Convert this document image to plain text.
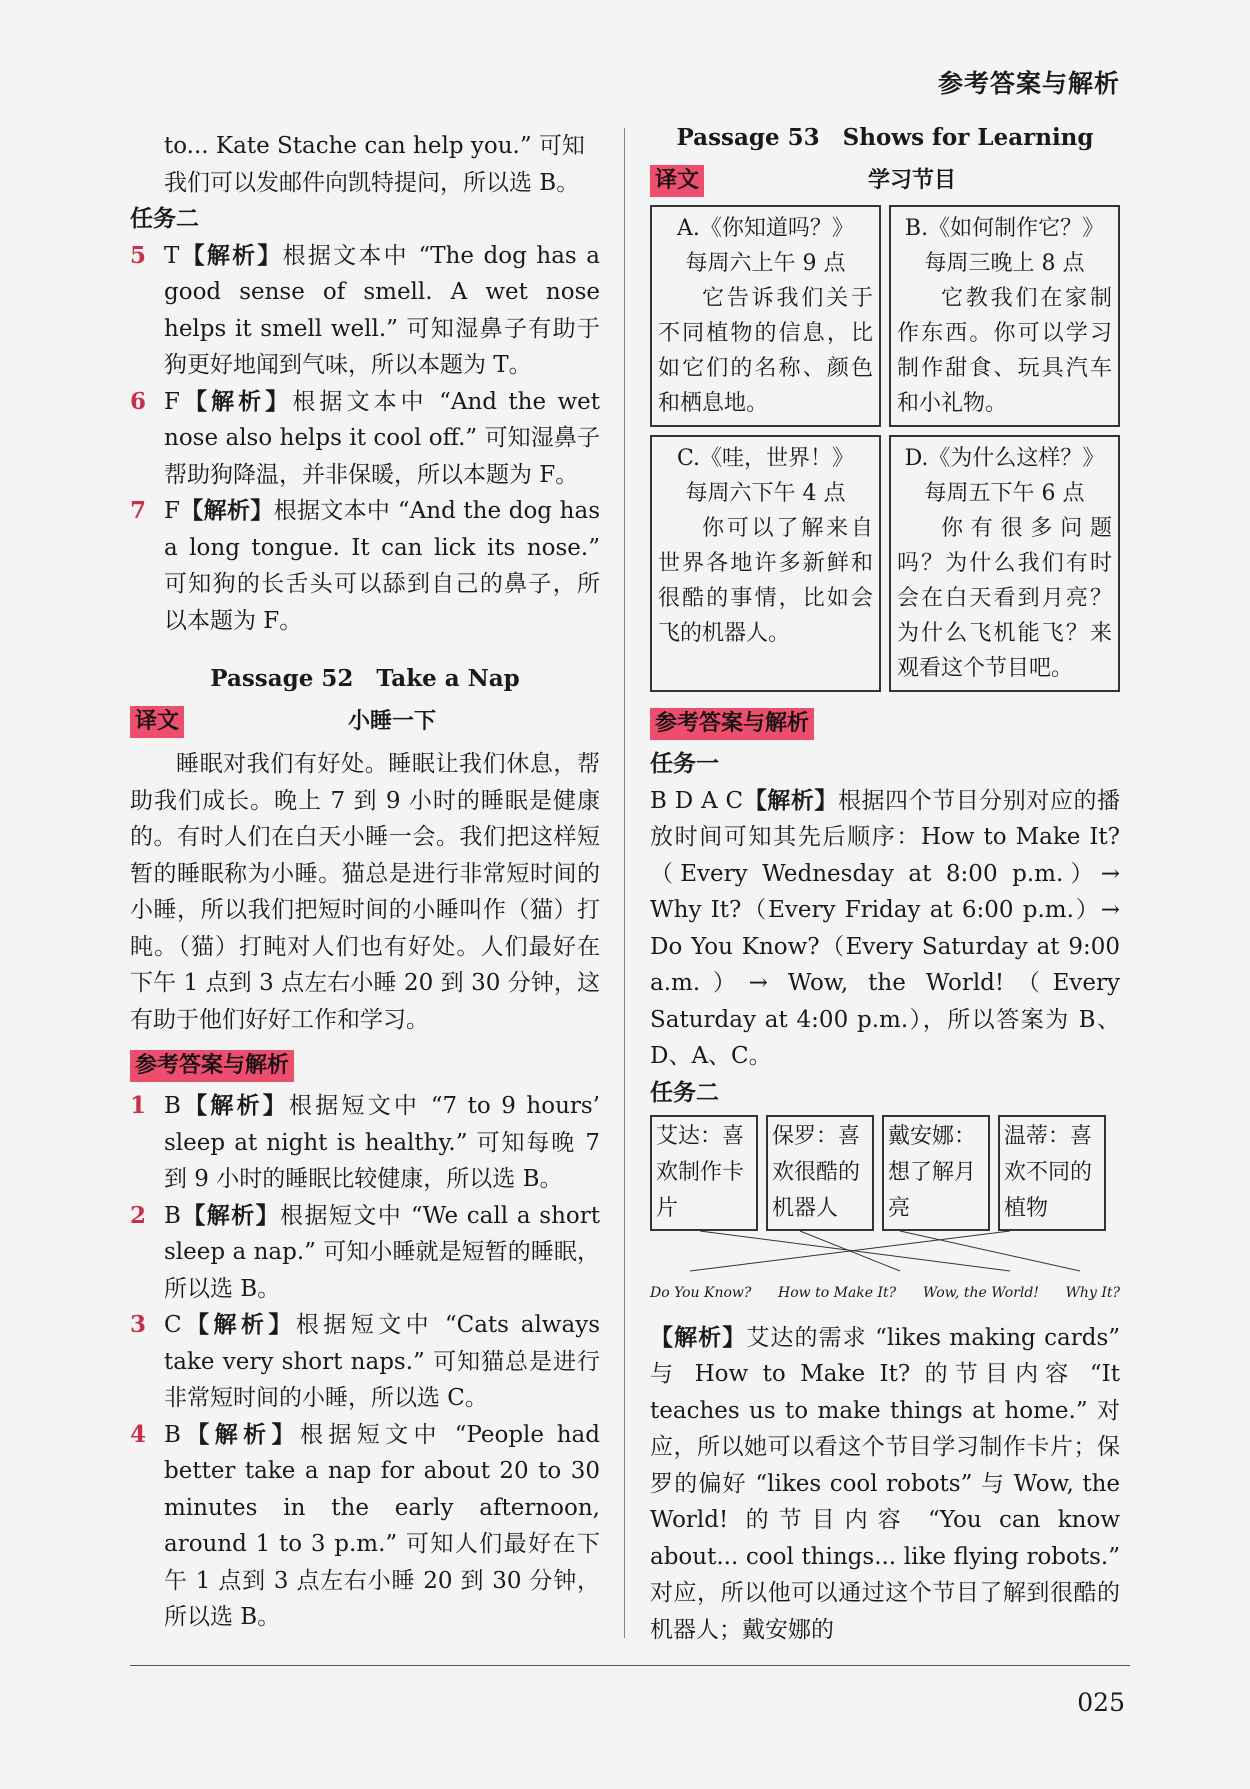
参考答案与解析

to... Kate Stache can help you.” 可知我们可以发邮件向凯特提问，所以选 B。

任务二

5 T【解析】根据文本中 “The dog has a good sense of smell. A wet nose helps it smell well.” 可知湿鼻子有助于狗更好地闻到气味，所以本题为 T。
6 F【解析】根据文本中 “And the wet nose also helps it cool off.” 可知湿鼻子帮助狗降温，并非保暖，所以本题为 F。
7 F【解析】根据文本中 “And the dog has a long tongue. It can lick its nose.” 可知狗的长舌头可以舔到自己的鼻子，所以本题为 F。

Passage 52　Take a Nap

译文	小睡一下

睡眠对我们有好处。睡眠让我们休息，帮助我们成长。晚上 7 到 9 小时的睡眠是健康的。有时人们在白天小睡一会。我们把这样短暂的睡眠称为小睡。猫总是进行非常短时间的小睡，所以我们把短时间的小睡叫作（猫）打盹。（猫）打盹对人们也有好处。人们最好在下午 1 点到 3 点左右小睡 20 到 30 分钟，这有助于他们好好工作和学习。

参考答案与解析
1 B【解析】根据短文中 “7 to 9 hours’ sleep at night is healthy.” 可知每晚 7 到 9 小时的睡眠比较健康，所以选 B。
2 B【解析】根据短文中 “We call a short sleep a nap.” 可知小睡就是短暂的睡眠，所以选 B。
3 C【解析】根据短文中 “Cats always take very short naps.” 可知猫总是进行非常短时间的小睡，所以选 C。
4 B【解析】根据短文中 “People had better take a nap for about 20 to 30 minutes in the early afternoon, around 1 to 3 p.m.” 可知人们最好在下午 1 点到 3 点左右小睡 20 到 30 分钟，所以选 B。

Passage 53　Shows for Learning

译文	学习节目
A.《你知道吗？》
每周六上午 9 点
它告诉我们关于不同植物的信息，比如它们的名称、颜色和栖息地。
B.《如何制作它？》
每周三晚上 8 点
它教我们在家制作东西。你可以学习制作甜食、玩具汽车和小礼物。
C.《哇，世界！》
每周六下午 4 点
你可以了解来自世界各地许多新鲜和很酷的事情，比如会飞的机器人。
D.《为什么这样？》
每周五下午 6 点
你有很多问题吗？为什么我们有时会在白天看到月亮？为什么飞机能飞？来观看这个节目吧。
参考答案与解析

任务一

B D A C【解析】根据四个节目分别对应的播放时间可知其先后顺序：How to Make It?（Every Wednesday at 8:00 p.m.）→ Why It?（Every Friday at 6:00 p.m.）→ Do You Know?（Every Saturday at 9:00 a.m.）→ Wow, the World!（Every Saturday at 4:00 p.m.），所以答案为 B、D、A、C。

任务二

艾达：喜欢制作卡片
保罗：喜欢很酷的机器人
戴安娜：想了解月亮
温蒂：喜欢不同的植物
Do You Know? How to Make It? Wow, the World! Why It?

【解析】艾达的需求 “likes making cards” 与 How to Make It? 的节目内容 “It teaches us to make things at home.” 对应，所以她可以看这个节目学习制作卡片；保罗的偏好 “likes cool robots” 与 Wow, the World! 的节目内容 “You can know about... cool things... like flying robots.” 对应，所以他可以通过这个节目了解到很酷的机器人；戴安娜的

025
